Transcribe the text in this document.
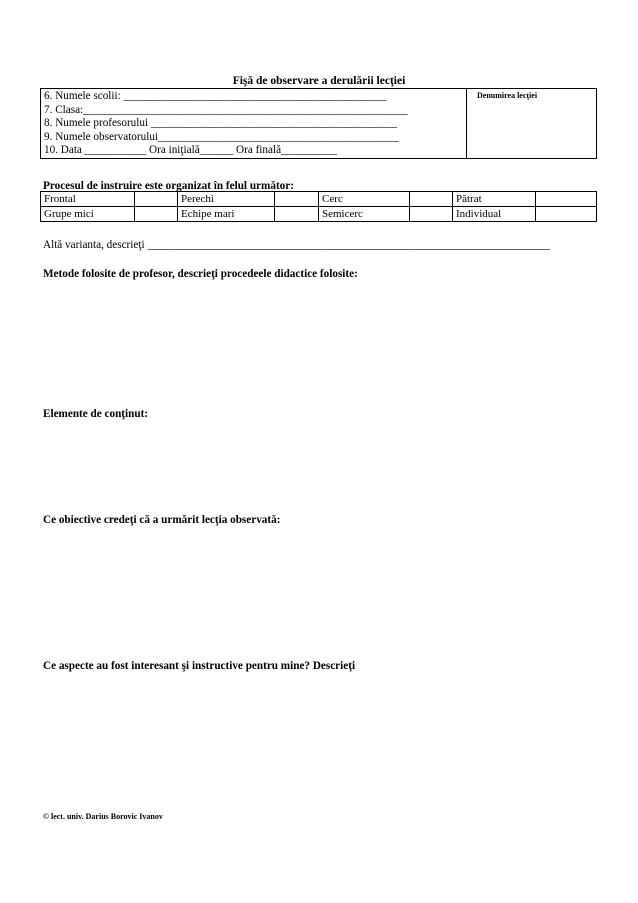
Fişă de observare a derulării lecţiei
6. Numele scolii: _______________________________________________
7. Clasa:__________________________________________________________
8. Numele profesorului ____________________________________________
9. Numele observatorului___________________________________________
10. Data ___________ Ora iniţială______ Ora finală__________
	Denumirea lecţiei
Procesul de instruire este organizat în felul următor:
Frontal		Perechi		Cerc		Pătrat	
Grupe mici		Echipe mari		Semicerc		Individual	
Altă varianta, descrieţi ________________________________________________________________________
Metode folosite de profesor, descrieţi procedeele didactice folosite:
Elemente de conţinut:
Ce obiective credeţi că a urmărit lecţia observată:
Ce aspecte au fost interesant şi instructive pentru mine? Descrieţi
© lect. univ. Darius Borovic Ivanov
